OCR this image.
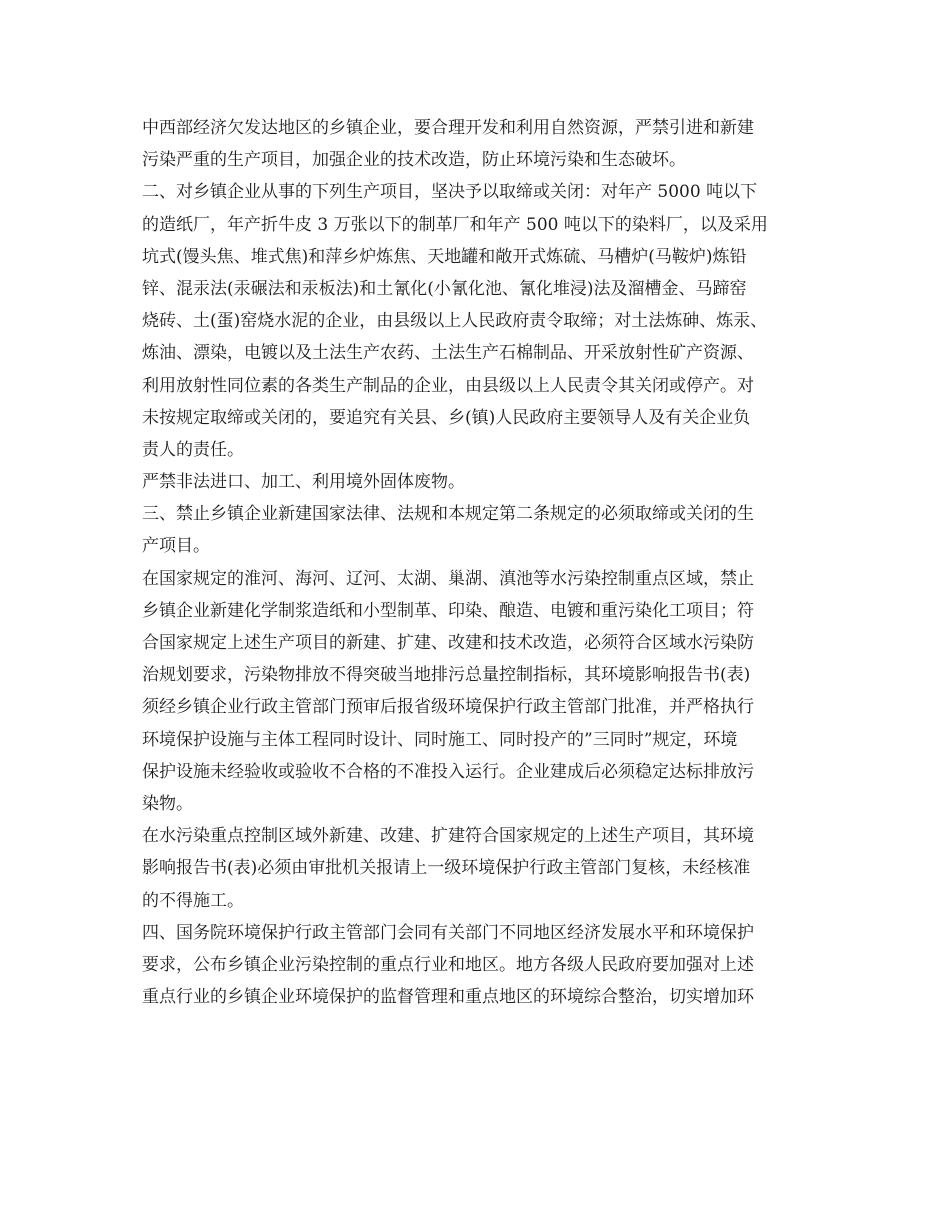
中西部经济欠发达地区的乡镇企业，要合理开发和利用自然资源，严禁引进和新建
污染严重的生产项目，加强企业的技术改造，防止环境污染和生态破坏。
二、对乡镇企业从事的下列生产项目，坚决予以取缔或关闭：对年产 5000 吨以下
的造纸厂，年产折牛皮 3 万张以下的制革厂和年产 500 吨以下的染料厂，以及采用
坑式(馒头焦、堆式焦)和萍乡炉炼焦、天地罐和敞开式炼硫、马槽炉(马鞍炉)炼铅
锌、混汞法(汞碾法和汞板法)和土氰化(小氰化池、氰化堆浸)法及溜槽金、马蹄窑
烧砖、土(蛋)窑烧水泥的企业，由县级以上人民政府责令取缔；对土法炼砷、炼汞、
炼油、漂染，电镀以及土法生产农药、土法生产石棉制品、开采放射性矿产资源、
利用放射性同位素的各类生产制品的企业，由县级以上人民责令其关闭或停产。对
未按规定取缔或关闭的，要追究有关县、乡(镇)人民政府主要领导人及有关企业负
责人的责任。
严禁非法进口、加工、利用境外固体废物。
三、禁止乡镇企业新建国家法律、法规和本规定第二条规定的必须取缔或关闭的生
产项目。
在国家规定的淮河、海河、辽河、太湖、巢湖、滇池等水污染控制重点区域，禁止
乡镇企业新建化学制浆造纸和小型制革、印染、酿造、电镀和重污染化工项目；符
合国家规定上述生产项目的新建、扩建、改建和技术改造，必须符合区域水污染防
治规划要求，污染物排放不得突破当地排污总量控制指标，其环境影响报告书(表)
须经乡镇企业行政主管部门预审后报省级环境保护行政主管部门批准，并严格执行
环境保护设施与主体工程同时设计、同时施工、同时投产的”三同时”规定，环境
保护设施未经验收或验收不合格的不准投入运行。企业建成后必须稳定达标排放污
染物。
在水污染重点控制区域外新建、改建、扩建符合国家规定的上述生产项目，其环境
影响报告书(表)必须由审批机关报请上一级环境保护行政主管部门复核，未经核准
的不得施工。
四、国务院环境保护行政主管部门会同有关部门不同地区经济发展水平和环境保护
要求，公布乡镇企业污染控制的重点行业和地区。地方各级人民政府要加强对上述
重点行业的乡镇企业环境保护的监督管理和重点地区的环境综合整治，切实增加环
